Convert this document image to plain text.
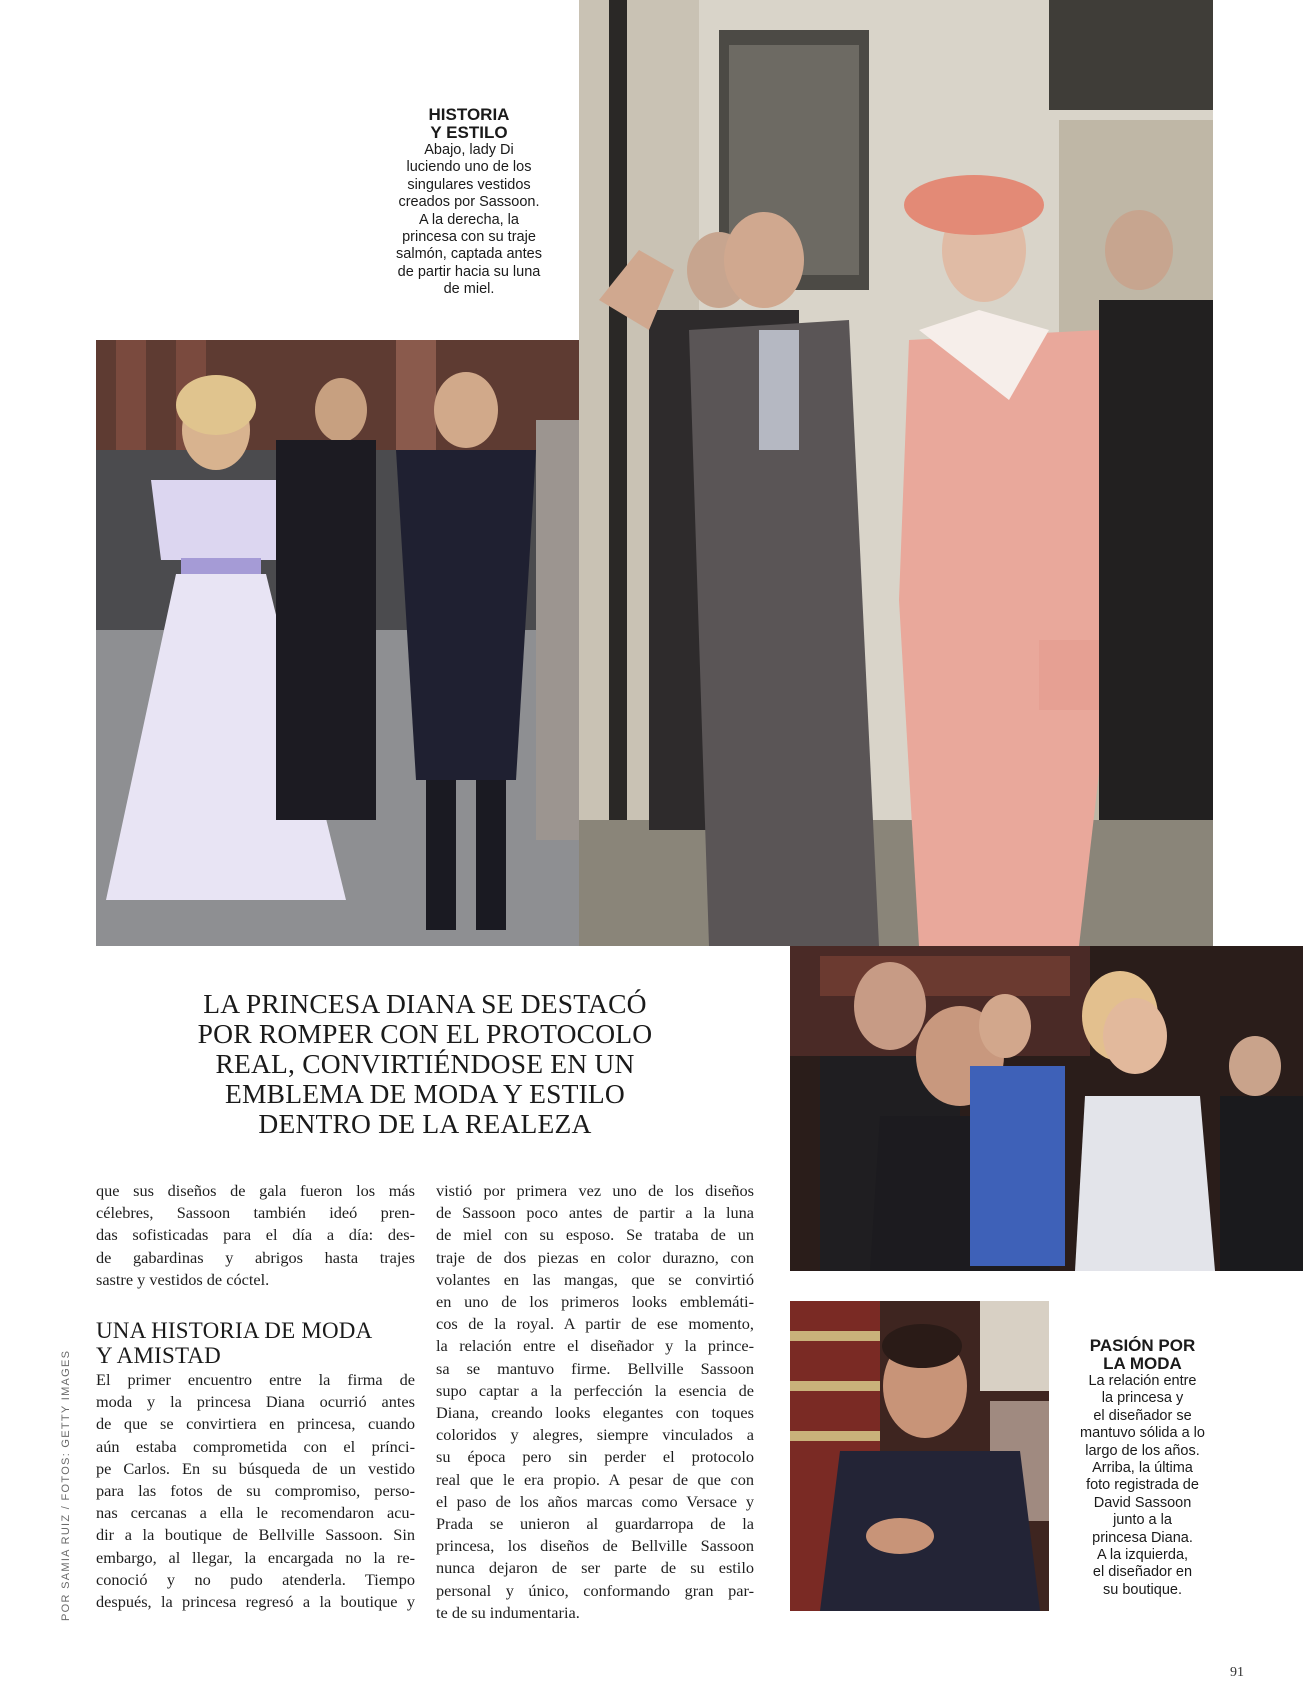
HISTORIA
Y ESTILO
Abajo, lady Di
luciendo uno de los
singulares vestidos
creados por Sassoon.
A la derecha, la
princesa con su traje
salmón, captada antes
de partir hacia su luna
de miel.
LA PRINCESA DIANA SE DESTACÓ
POR ROMPER CON EL PROTOCOLO
REAL, CONVIRTIÉNDOSE EN UN
EMBLEMA DE MODA Y ESTILO
DENTRO DE LA REALEZA
que sus diseños de gala fueron los más
célebres, Sassoon también ideó pren-
das sofisticadas para el día a día: des-
de gabardinas y abrigos hasta trajes
sastre y vestidos de cóctel.
UNA HISTORIA DE MODA
Y AMISTAD
El primer encuentro entre la firma de
moda y la princesa Diana ocurrió antes
de que se convirtiera en princesa, cuando
aún estaba comprometida con el prínci-
pe Carlos. En su búsqueda de un vestido
para las fotos de su compromiso, perso-
nas cercanas a ella le recomendaron acu-
dir a la boutique de Bellville Sassoon. Sin
embargo, al llegar, la encargada no la re-
conoció y no pudo atenderla. Tiempo
después, la princesa regresó a la boutique y
vistió por primera vez uno de los diseños
de Sassoon poco antes de partir a la luna
de miel con su esposo. Se trataba de un
traje de dos piezas en color durazno, con
volantes en las mangas, que se convirtió
en uno de los primeros looks emblemáti-
cos de la royal. A partir de ese momento,
la relación entre el diseñador y la prince-
sa se mantuvo firme. Bellville Sassoon
supo captar a la perfección la esencia de
Diana, creando looks elegantes con toques
coloridos y alegres, siempre vinculados a
su época pero sin perder el protocolo
real que le era propio. A pesar de que con
el paso de los años marcas como Versace y
Prada se unieron al guardarropa de la
princesa, los diseños de Bellville Sassoon
nunca dejaron de ser parte de su estilo
personal y único, conformando gran par-
te de su indumentaria.
PASIÓN POR
LA MODA
La relación entre
la princesa y
el diseñador se
mantuvo sólida a lo
largo de los años.
Arriba, la última
foto registrada de
David Sassoon
junto a la
princesa Diana.
A la izquierda,
el diseñador en
su boutique.
POR SAMIA RUIZ / FOTOS: GETTY IMAGES
91
